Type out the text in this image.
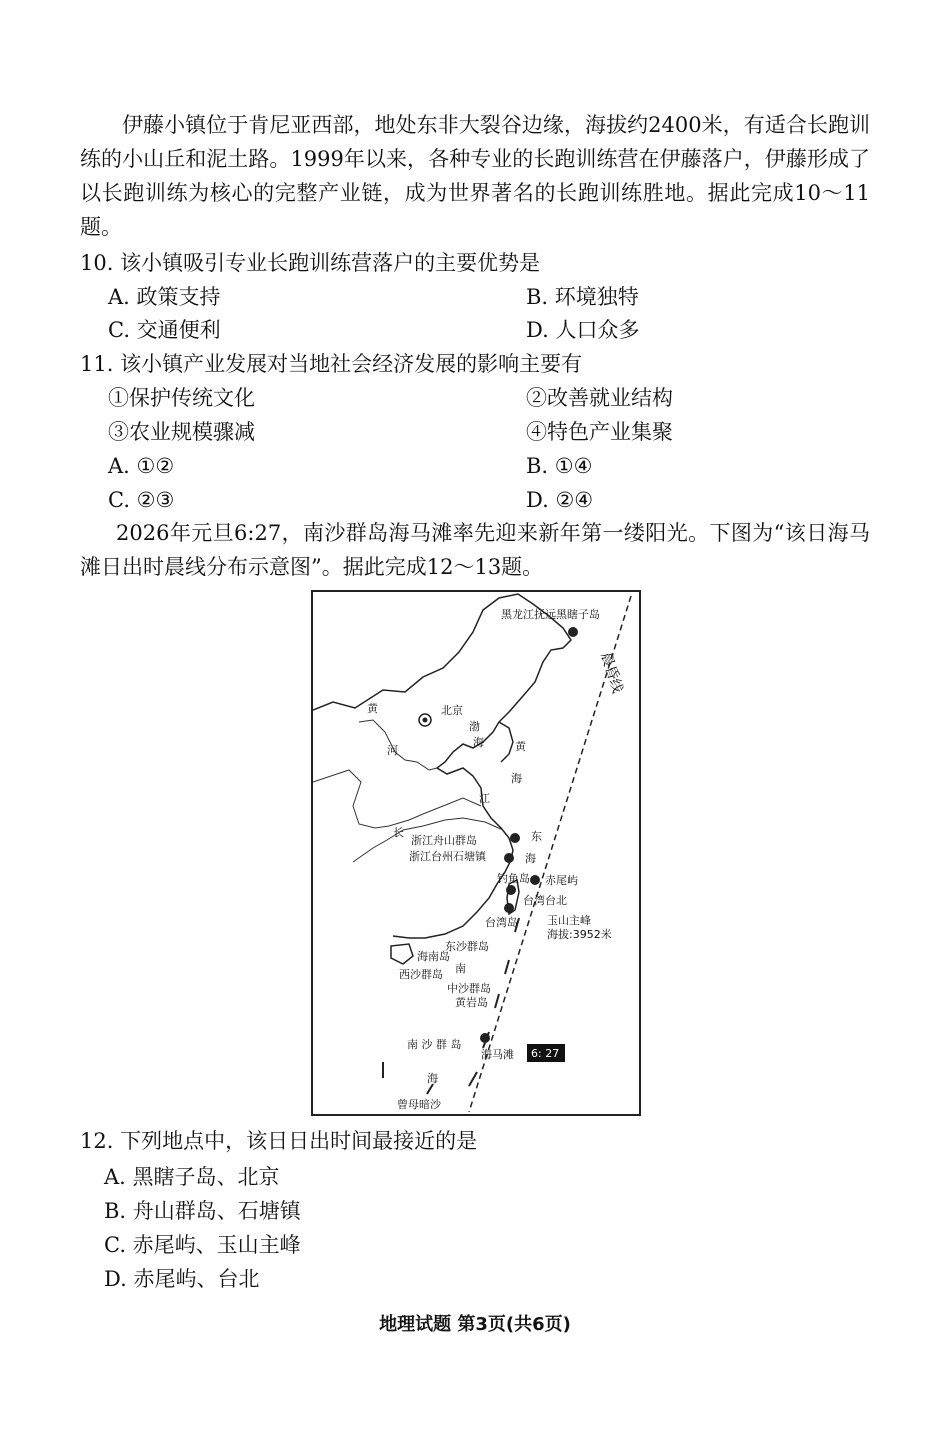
伊藤小镇位于肯尼亚西部，地处东非大裂谷边缘，海拔约2400米，有适合长跑训练的小山丘和泥土路。1999年以来，各种专业的长跑训练营在伊藤落户，伊藤形成了以长跑训练为核心的完整产业链，成为世界著名的长跑训练胜地。据此完成10～11题。
10. 该小镇吸引专业长跑训练营落户的主要优势是
A. 政策支持	B. 环境独特
C. 交通便利	D. 人口众多
11. 该小镇产业发展对当地社会经济发展的影响主要有
①保护传统文化	②改善就业结构
③农业规模骤减	④特色产业集聚
A. ①②	B. ①④
C. ②③	D. ②④
2026年元旦6:27，南沙群岛海马滩率先迎来新年第一缕阳光。下图为“该日海马滩日出时晨线分布示意图”。据此完成12～13题。
黑龙江抚远黑瞎子岛
北京
浙江舟山群岛
浙江台州石塘镇
钓鱼岛 赤尾屿
台湾台北
玉山主峰
海拔:3952米
台湾岛
东沙群岛
海南岛
西沙群岛 南
中沙群岛
黄岩岛
南 沙 群 岛
海马滩 6: 27
海
曾母暗沙
晨昏线
黄
河
渤
海	黄
海
长
江
东
海
12. 下列地点中，该日日出时间最接近的是
A. 黑瞎子岛、北京
B. 舟山群岛、石塘镇
C. 赤尾屿、玉山主峰
D. 赤尾屿、台北
地理试题 第3页(共6页)
